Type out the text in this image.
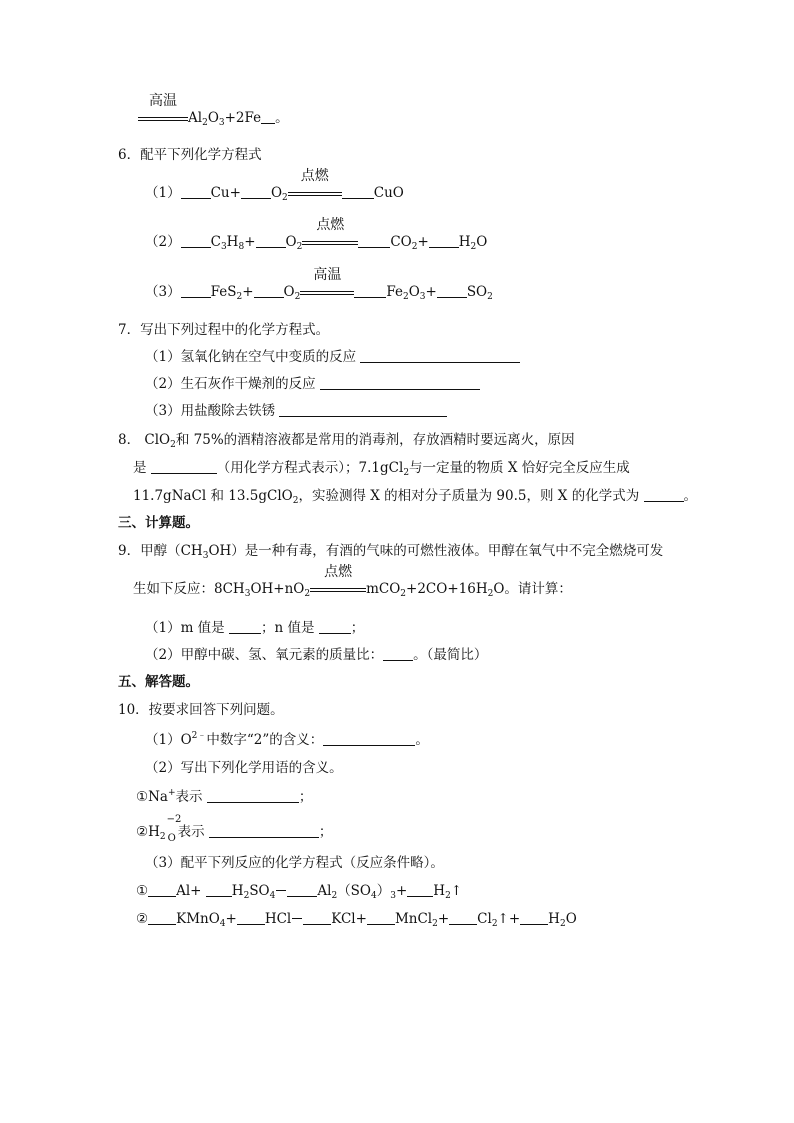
高温
$Al_2O_3+2Fe$ 。
6．配平下列化学方程式
（1） $Cu+ O_2$
点燃
CuO
（2） $C_3H_8+ O_2$
点燃
$CO_2+ H_2O$
（3） $FeS_2+ O_2$
高温
$Fe_2O_3+ SO_2$
7．写出下列过程中的化学方程式。
（1）氢氧化钠在空气中变质的反应
（2）生石灰作干燥剂的反应
（3）用盐酸除去铁锈
8． ClO$_2$和 75%的酒精溶液都是常用的消毒剂，存放酒精时要远离火，原因
是	（用化学方程式表示）；7.1gCl$_2$与一定量的物质 X 恰好完全反应生成
11.7gNaCl 和 13.5gClO$_2$，实验测得 X 的相对分子质量为 90.5，则 X 的化学式为	。
三、计算题。
9．甲醇$(CH_3OH)$是一种有毒，有酒的气味的可燃性液体。甲醇在氧气中不完全燃烧可发
生如下反应：$8CH_3OH+nO_2$
点燃
$mCO_2+2CO+16H_2O$。请计算：
（1）m 值是	；n 值是	；
（2）甲醇中碳、氢、氧元素的质量比： 。（最简比）
五、解答题。
10．按要求回答下列问题。
$(1)O^{2﹣}$中数字“2”的含义：	。
（2）写出下列化学用语的含义。
①Na+表示	；
$②H_2$
−2
O 表示	；
（3）配平下列反应的化学方程式（反应条件略）。
① $Al+ H_2SO_4$	$Al_2(SO_4)_3+$ $H_2↑$
② KMnO$_4$+ HCl	KCl+ MnCl$_2$+ $Cl_2↑+ H_2O$
